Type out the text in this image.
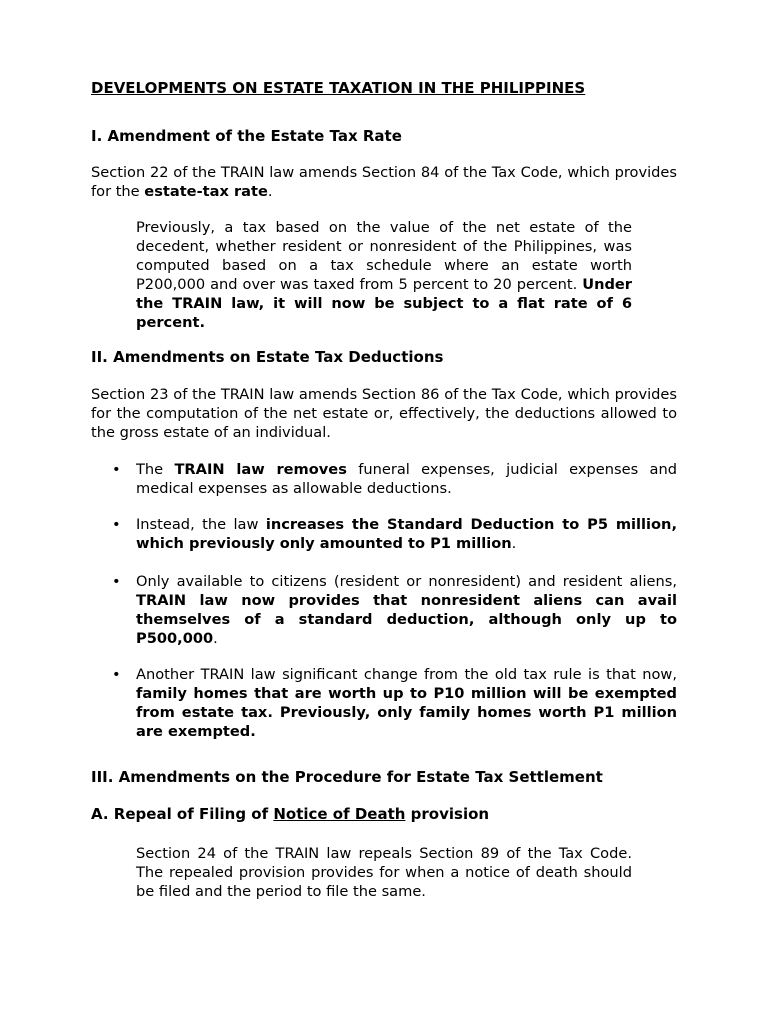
DEVELOPMENTS ON ESTATE TAXATION IN THE PHILIPPINES
I. Amendment of the Estate Tax Rate

Section 22 of the TRAIN law amends Section 84 of the Tax Code, which provides for the estate-tax rate.

Previously, a tax based on the value of the net estate of the decedent, whether resident or nonresident of the Philippines, was computed based on a tax schedule where an estate worth P200,000 and over was taxed from 5 percent to 20 percent. Under the TRAIN law, it will now be subject to a flat rate of 6 percent.

II. Amendments on Estate Tax Deductions

Section 23 of the TRAIN law amends Section 86 of the Tax Code, which provides for the computation of the net estate or, effectively, the deductions allowed to the gross estate of an individual.

•	The TRAIN law removes funeral expenses, judicial expenses and medical expenses as allowable deductions.

•	Instead, the law increases the Standard Deduction to P5 million, which previously only amounted to P1 million.

•	Only available to citizens (resident or nonresident) and resident aliens, TRAIN law now provides that nonresident aliens can avail themselves of a standard deduction, although only up to P500,000.

•	Another TRAIN law significant change from the old tax rule is that now, family homes that are worth up to P10 million will be exempted from estate tax. Previously, only family homes worth P1 million are exempted.

III. Amendments on the Procedure for Estate Tax Settlement
A. Repeal of Filing of Notice of Death provision

Section 24 of the TRAIN law repeals Section 89 of the Tax Code. The repealed provision provides for when a notice of death should be filed and the period to file the same.
